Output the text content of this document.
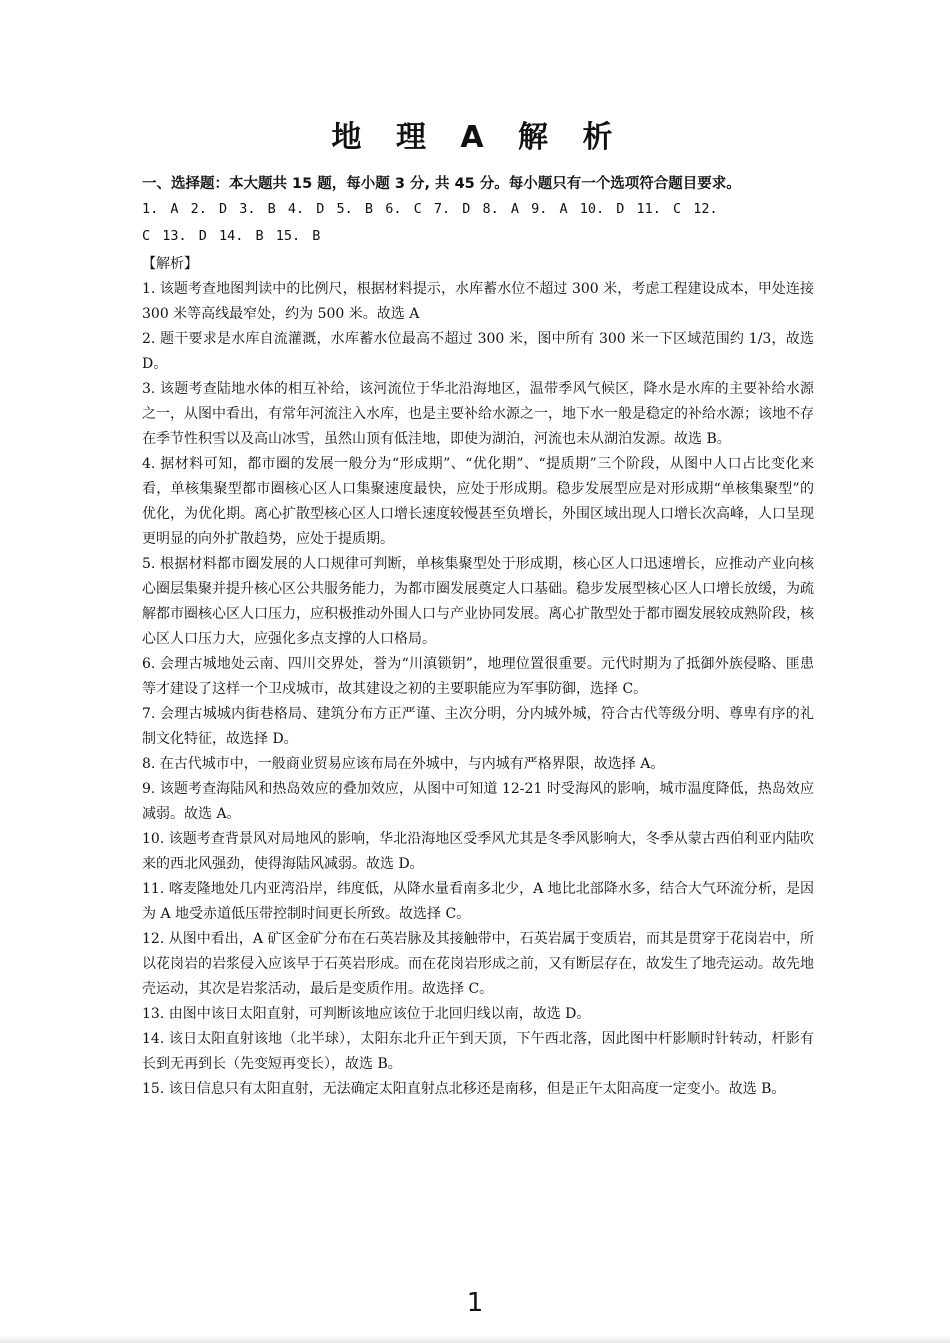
地 理 A 解 析

一、选择题：本大题共 15 题，每小题 3 分, 共 45 分。每小题只有一个选项符合题目要求。

1. A 2. D 3. B 4. D 5. B 6. C 7. D 8. A 9. A 10. D 11. C 12.

C 13. D 14. B 15. B

【解析】

1. 该题考查地图判读中的比例尺，根据材料提示，水库蓄水位不超过 300 米，考虑工程建设成本，甲处连接 300 米等高线最窄处，约为 500 米。故选 A

2. 题干要求是水库自流灌溉，水库蓄水位最高不超过 300 米，图中所有 300 米一下区域范围约 1/3，故选 D。

3. 该题考查陆地水体的相互补给，该河流位于华北沿海地区，温带季风气候区，降水是水库的主要补给水源之一，从图中看出，有常年河流注入水库，也是主要补给水源之一，地下水一般是稳定的补给水源；该地不存在季节性积雪以及高山冰雪，虽然山顶有低洼地，即使为湖泊，河流也未从湖泊发源。故选 B。

4. 据材料可知，都市圈的发展一般分为“形成期”、“优化期”、“提质期”三个阶段，从图中人口占比变化来看，单核集聚型都市圈核心区人口集聚速度最快，应处于形成期。稳步发展型应是对形成期“单核集聚型”的优化，为优化期。离心扩散型核心区人口增长速度较慢甚至负增长，外围区域出现人口增长次高峰，人口呈现更明显的向外扩散趋势，应处于提质期。

5. 根据材料都市圈发展的人口规律可判断，单核集聚型处于形成期，核心区人口迅速增长，应推动产业向核心圈层集聚并提升核心区公共服务能力，为都市圈发展奠定人口基础。稳步发展型核心区人口增长放缓，为疏解都市圈核心区人口压力，应积极推动外围人口与产业协同发展。离心扩散型处于都市圈发展较成熟阶段，核心区人口压力大，应强化多点支撑的人口格局。

6. 会理古城地处云南、四川交界处，誉为“川滇锁钥”，地理位置很重要。元代时期为了抵御外族侵略、匪患等才建设了这样一个卫戍城市，故其建设之初的主要职能应为军事防御，选择 C。

7. 会理古城城内街巷格局、建筑分布方正严谨、主次分明，分内城外城，符合古代等级分明、尊卑有序的礼制文化特征，故选择 D。

8. 在古代城市中，一般商业贸易应该布局在外城中，与内城有严格界限，故选择 A。

9. 该题考查海陆风和热岛效应的叠加效应，从图中可知道 12-21 时受海风的影响，城市温度降低，热岛效应减弱。故选 A。

10. 该题考查背景风对局地风的影响，华北沿海地区受季风尤其是冬季风影响大，冬季从蒙古西伯利亚内陆吹来的西北风强劲，使得海陆风减弱。故选 D。

11. 喀麦隆地处几内亚湾沿岸，纬度低，从降水量看南多北少，A 地比北部降水多，结合大气环流分析，是因为 A 地受赤道低压带控制时间更长所致。故选择 C。

12. 从图中看出，A 矿区金矿分布在石英岩脉及其接触带中，石英岩属于变质岩，而其是贯穿于花岗岩中，所以花岗岩的岩浆侵入应该早于石英岩形成。而在花岗岩形成之前，又有断层存在，故发生了地壳运动。故先地壳运动，其次是岩浆活动，最后是变质作用。故选择 C。

13. 由图中该日太阳直射，可判断该地应该位于北回归线以南，故选 D。

14. 该日太阳直射该地（北半球），太阳东北升正午到天顶，下午西北落，因此图中杆影顺时针转动，杆影有长到无再到长（先变短再变长），故选 B。

15. 该日信息只有太阳直射，无法确定太阳直射点北移还是南移，但是正午太阳高度一定变小。故选 B。

1
